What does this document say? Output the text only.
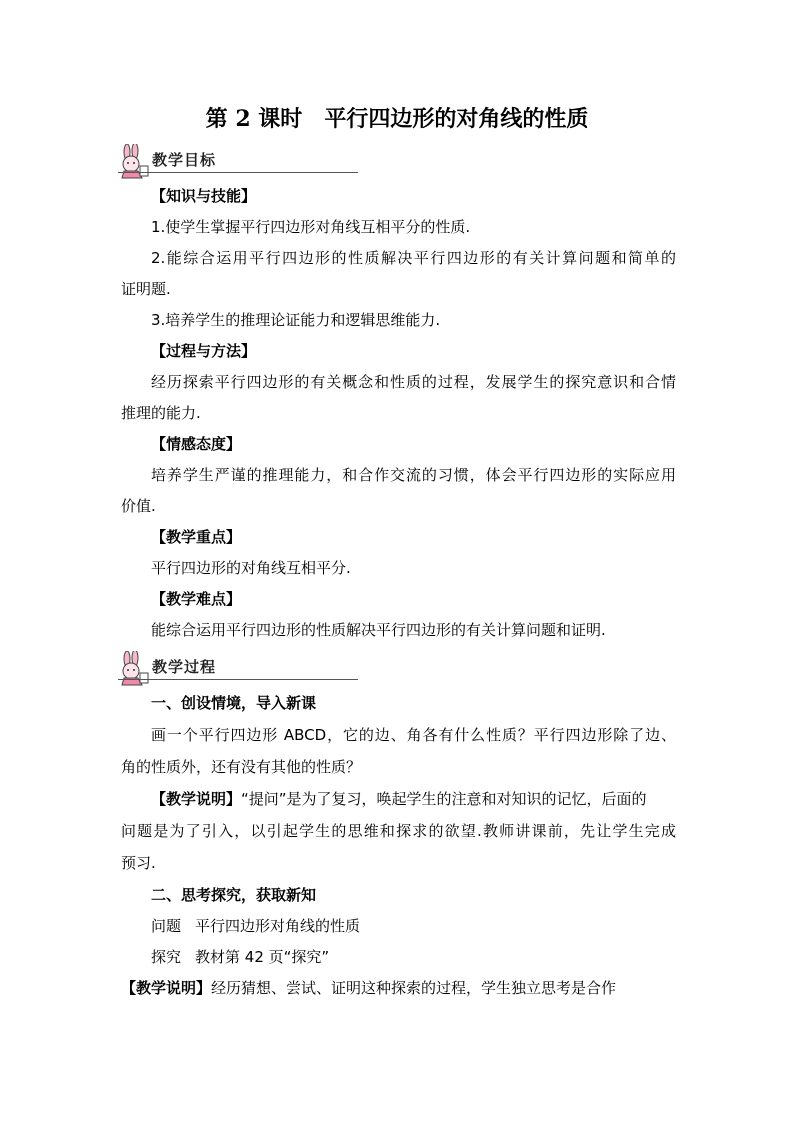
第 2 课时 平行四边形的对角线的性质
教学目标
【知识与技能】
1.使学生掌握平行四边形对角线互相平分的性质.
2.能综合运用平行四边形的性质解决平行四边形的有关计算问题和简单的
证明题.
3.培养学生的推理论证能力和逻辑思维能力.
【过程与方法】
经历探索平行四边形的有关概念和性质的过程，发展学生的探究意识和合情
推理的能力.
【情感态度】
培养学生严谨的推理能力，和合作交流的习惯，体会平行四边形的实际应用
价值.
【教学重点】
平行四边形的对角线互相平分.
【教学难点】
能综合运用平行四边形的性质解决平行四边形的有关计算问题和证明.
教学过程
一、创设情境，导入新课
画一个平行四边形 ABCD，它的边、角各有什么性质？平行四边形除了边、
角的性质外，还有没有其他的性质？
【教学说明】“提问”是为了复习，唤起学生的注意和对知识的记忆，后面的
问题是为了引入，以引起学生的思维和探求的欲望.教师讲课前，先让学生完成
预习.
二、思考探究，获取新知
问题 平行四边形对角线的性质
探究 教材第 42 页“探究”
【教学说明】经历猜想、尝试、证明这种探索的过程，学生独立思考是合作
